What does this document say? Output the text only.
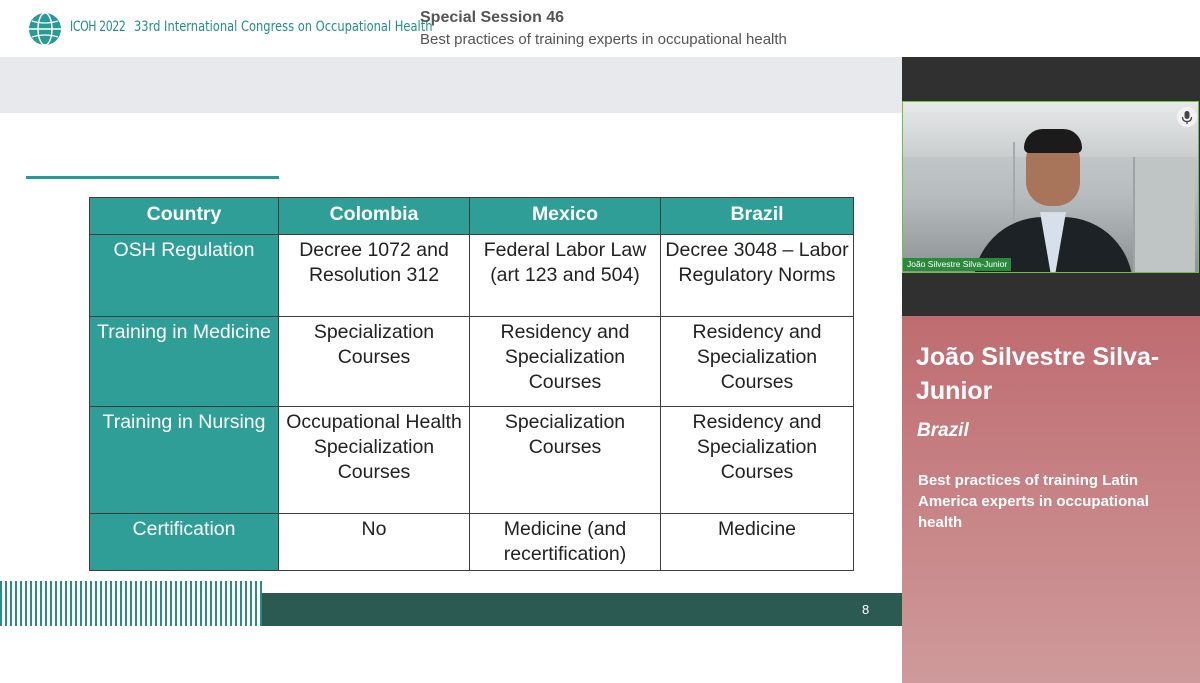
ICOH 2022 33rd International Congress on Occupational Health
Special Session 46
Best practices of training experts in occupational health
Country	Colombia	Mexico	Brazil
OSH Regulation	Decree 1072 and Resolution 312	Federal Labor Law (art 123 and 504)	Decree 3048 – Labor Regulatory Norms
Training in Medicine	Specialization Courses	Residency and Specialization Courses	Residency and Specialization Courses
Training in Nursing	Occupational Health Specialization Courses	Specialization Courses	Residency and Specialization Courses
Certification	No	Medicine (and recertification)	Medicine
8
João Silvestre Silva-Junior
João Silvestre Silva-Junior
Brazil
Best practices of training Latin America experts in occupational health
